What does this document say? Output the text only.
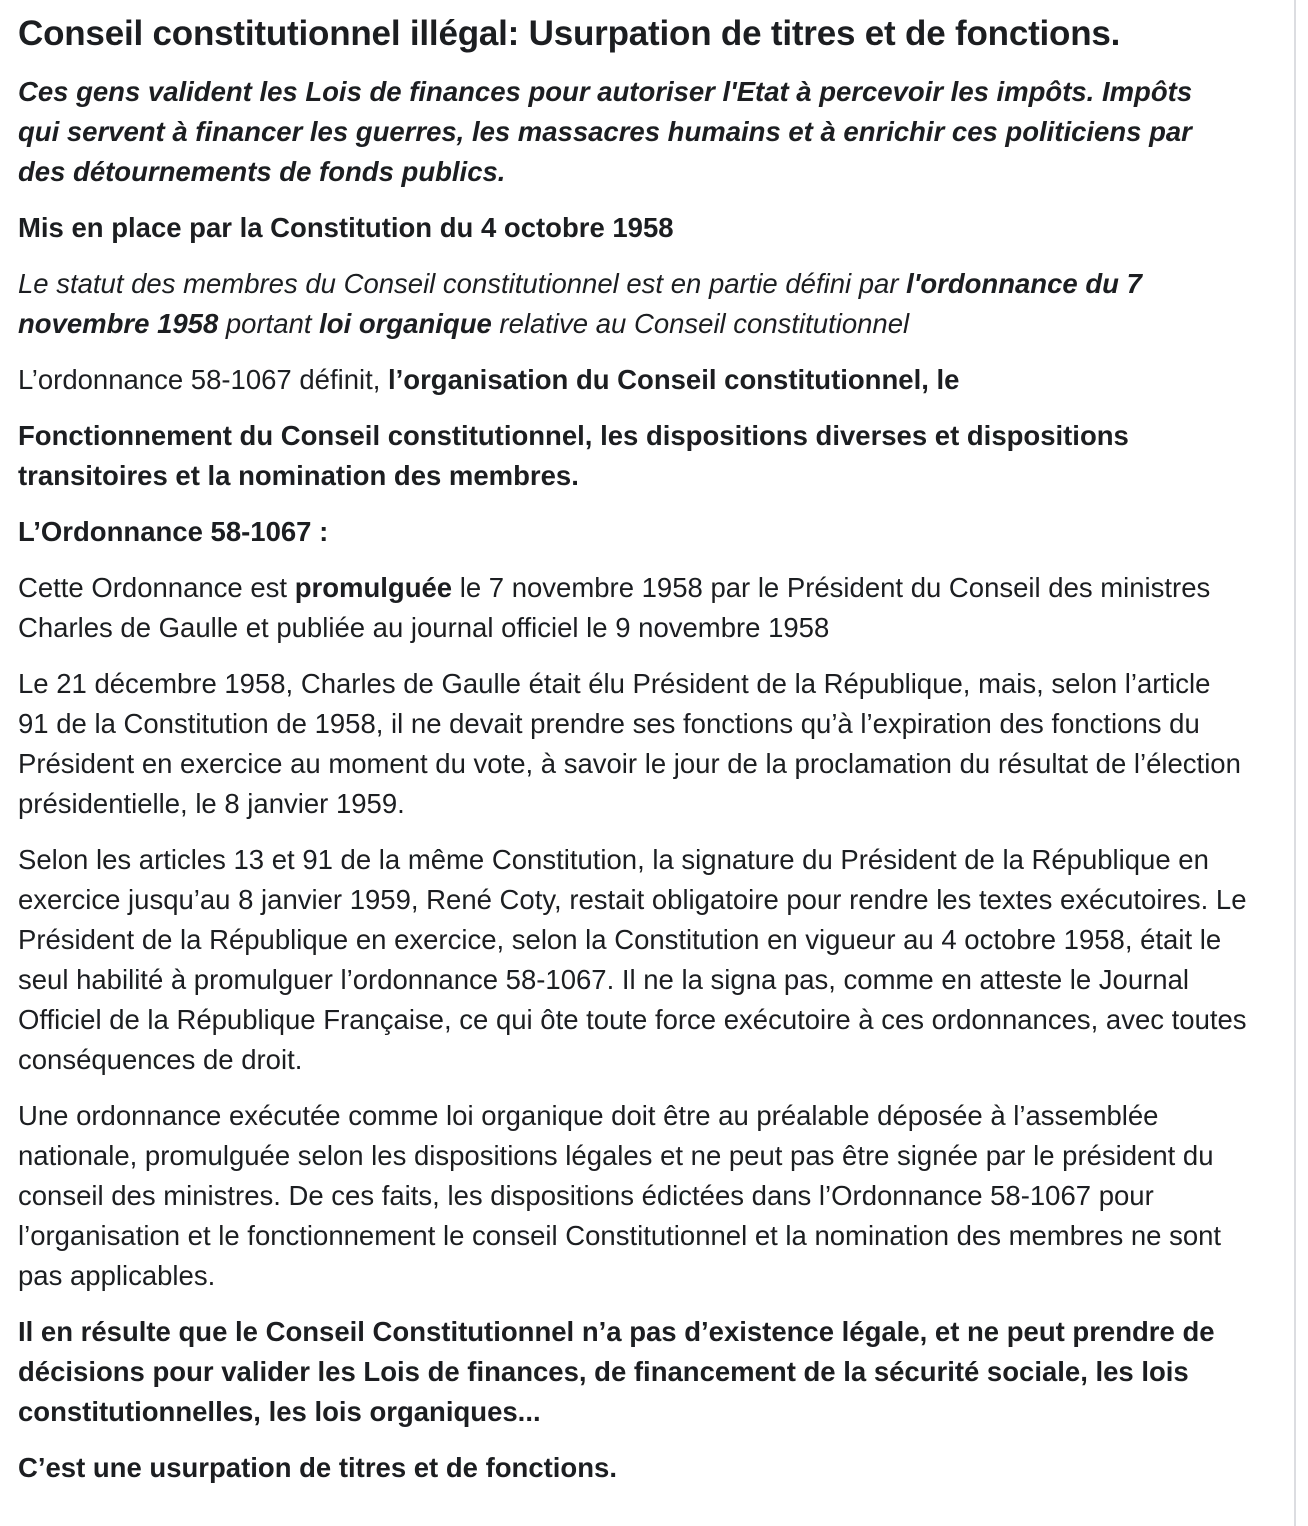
Conseil constitutionnel illégal: Usurpation de titres et de fonctions.

Ces gens valident les Lois de finances pour autoriser l'Etat à percevoir les impôts. Impôts qui servent à financer les guerres, les massacres humains et à enrichir ces politiciens par des détournements de fonds publics.

Mis en place par la Constitution du 4 octobre 1958

Le statut des membres du Conseil constitutionnel est en partie défini par l'ordonnance du 7 novembre 1958 portant loi organique relative au Conseil constitutionnel

L’ordonnance 58-1067 définit, l’organisation du Conseil constitutionnel, le

Fonctionnement du Conseil constitutionnel, les dispositions diverses et dispositions transitoires et la nomination des membres.

L’Ordonnance 58-1067 :

Cette Ordonnance est promulguée le 7 novembre 1958 par le Président du Conseil des ministres Charles de Gaulle et publiée au journal officiel le 9 novembre 1958

Le 21 décembre 1958, Charles de Gaulle était élu Président de la République, mais, selon l’article 91 de la Constitution de 1958, il ne devait prendre ses fonctions qu’à l’expiration des fonctions du Président en exercice au moment du vote, à savoir le jour de la proclamation du résultat de l’élection présidentielle, le 8 janvier 1959.

Selon les articles 13 et 91 de la même Constitution, la signature du Président de la République en exercice jusqu’au 8 janvier 1959, René Coty, restait obligatoire pour rendre les textes exécutoires. Le Président de la République en exercice, selon la Constitution en vigueur au 4 octobre 1958, était le seul habilité à promulguer l’ordonnance 58-1067. Il ne la signa pas, comme en atteste le Journal Officiel de la République Française, ce qui ôte toute force exécutoire à ces ordonnances, avec toutes conséquences de droit.

Une ordonnance exécutée comme loi organique doit être au préalable déposée à l’assemblée nationale, promulguée selon les dispositions légales et ne peut pas être signée par le président du conseil des ministres. De ces faits, les dispositions édictées dans l’Ordonnance 58-1067 pour l’organisation et le fonctionnement le conseil Constitutionnel et la nomination des membres ne sont pas applicables.

Il en résulte que le Conseil Constitutionnel n’a pas d’existence légale, et ne peut prendre de décisions pour valider les Lois de finances, de financement de la sécurité sociale, les lois constitutionnelles, les lois organiques...

C’est une usurpation de titres et de fonctions.
